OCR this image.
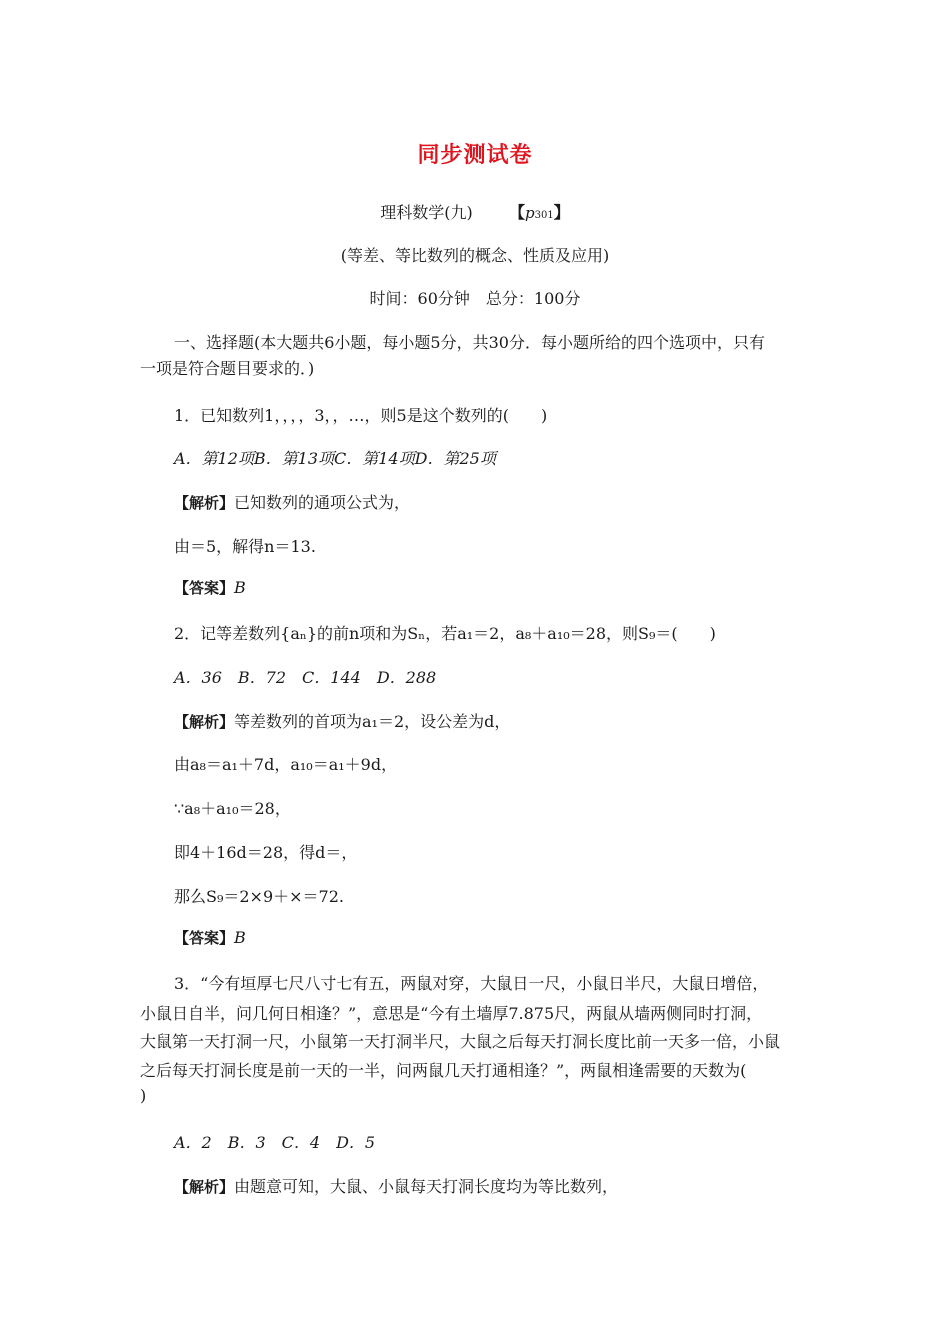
同步测试卷
理科数学(九) 【p301】
(等差、等比数列的概念、性质及应用)
时间：60分钟　总分：100分
一、选择题(本大题共6小题，每小题5分，共30分．每小题所给的四个选项中，只有
一项是符合题目要求的．)
1．已知数列1，，，，3，，…，则5是这个数列的(　　)
A．第12项B．第13项C．第14项D．第25项
【解析】已知数列的通项公式为，
由＝5，解得n＝13.
【答案】B
2．记等差数列{aₙ}的前n项和为Sₙ，若a₁＝2，a₈＋a₁₀＝28，则S₉＝(　　)
A．36　B．72　C．144　D．288
【解析】等差数列的首项为a₁＝2，设公差为d，
由a₈＝a₁＋7d，a₁₀＝a₁＋9d，
∵a₈＋a₁₀＝28，
即4＋16d＝28，得d＝，
那么S₉＝2×9＋×＝72.
【答案】B
3．“今有垣厚七尺八寸七有五，两鼠对穿，大鼠日一尺，小鼠日半尺，大鼠日增倍，
小鼠日自半，问几何日相逢？”，意思是“今有土墙厚7.875尺，两鼠从墙两侧同时打洞，
大鼠第一天打洞一尺，小鼠第一天打洞半尺，大鼠之后每天打洞长度比前一天多一倍，小鼠
之后每天打洞长度是前一天的一半，问两鼠几天打通相逢？”，两鼠相逢需要的天数为(
)
A．2　B．3　C．4　D．5
【解析】由题意可知，大鼠、小鼠每天打洞长度均为等比数列，
